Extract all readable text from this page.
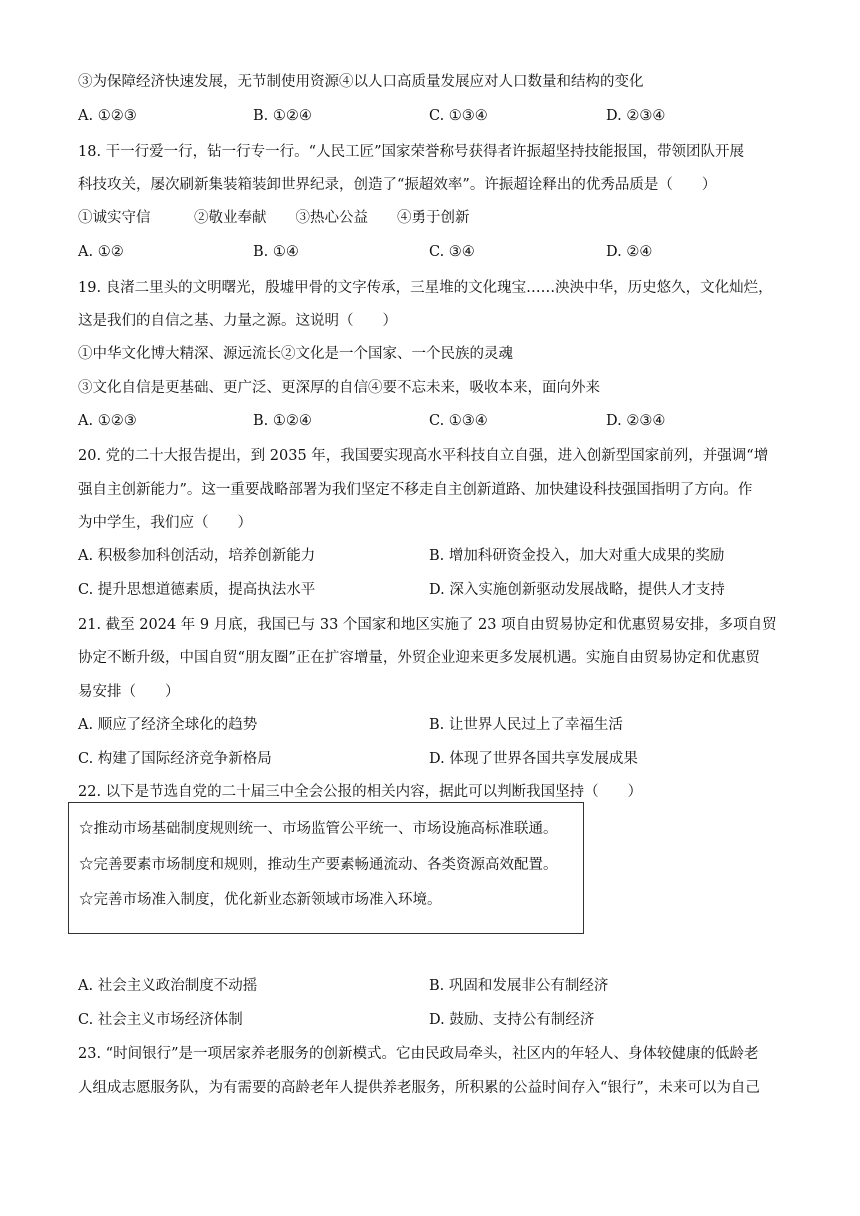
③为保障经济快速发展，无节制使用资源④以人口高质量发展应对人口数量和结构的变化
A. ①②③	B. ①②④	C. ①③④	D. ②③④
18. 干一行爱一行，钻一行专一行。“人民工匠”国家荣誉称号获得者许振超坚持技能报国，带领团队开展
科技攻关，屡次刷新集装箱装卸世界纪录，创造了“振超效率”。许振超诠释出的优秀品质是（　　）
①诚实守信　　　②敬业奉献　　③热心公益　　④勇于创新
A. ①②	B. ①④	C. ③④	D. ②④
19. 良渚二里头的文明曙光，殷墟甲骨的文字传承，三星堆的文化瑰宝……泱泱中华，历史悠久，文化灿烂，
这是我们的自信之基、力量之源。这说明（　　）
①中华文化博大精深、源远流长②文化是一个国家、一个民族的灵魂
③文化自信是更基础、更广泛、更深厚的自信④要不忘未来，吸收本来，面向外来
A. ①②③	B. ①②④	C. ①③④	D. ②③④
20. 党的二十大报告提出，到 2035 年，我国要实现高水平科技自立自强，进入创新型国家前列，并强调“增
强自主创新能力”。这一重要战略部署为我们坚定不移走自主创新道路、加快建设科技强国指明了方向。作
为中学生，我们应（　　）
A. 积极参加科创活动，培养创新能力	B. 增加科研资金投入，加大对重大成果的奖励
C. 提升思想道德素质，提高执法水平	D. 深入实施创新驱动发展战略，提供人才支持
21. 截至 2024 年 9 月底，我国已与 33 个国家和地区实施了 23 项自由贸易协定和优惠贸易安排，多项自贸
协定不断升级，中国自贸“朋友圈”正在扩容增量，外贸企业迎来更多发展机遇。实施自由贸易协定和优惠贸
易安排（　　）
A. 顺应了经济全球化的趋势	B. 让世界人民过上了幸福生活
C. 构建了国际经济竞争新格局	D. 体现了世界各国共享发展成果
22. 以下是节选自党的二十届三中全会公报的相关内容，据此可以判断我国坚持（　　）
☆推动市场基础制度规则统一、市场监管公平统一、市场设施高标准联通。
☆完善要素市场制度和规则，推动生产要素畅通流动、各类资源高效配置。
☆完善市场准入制度，优化新业态新领域市场准入环境。
A. 社会主义政治制度不动摇	B. 巩固和发展非公有制经济
C. 社会主义市场经济体制	D. 鼓励、支持公有制经济
23. “时间银行”是一项居家养老服务的创新模式。它由民政局牵头，社区内的年轻人、身体较健康的低龄老
人组成志愿服务队，为有需要的高龄老年人提供养老服务，所积累的公益时间存入“银行”，未来可以为自己
